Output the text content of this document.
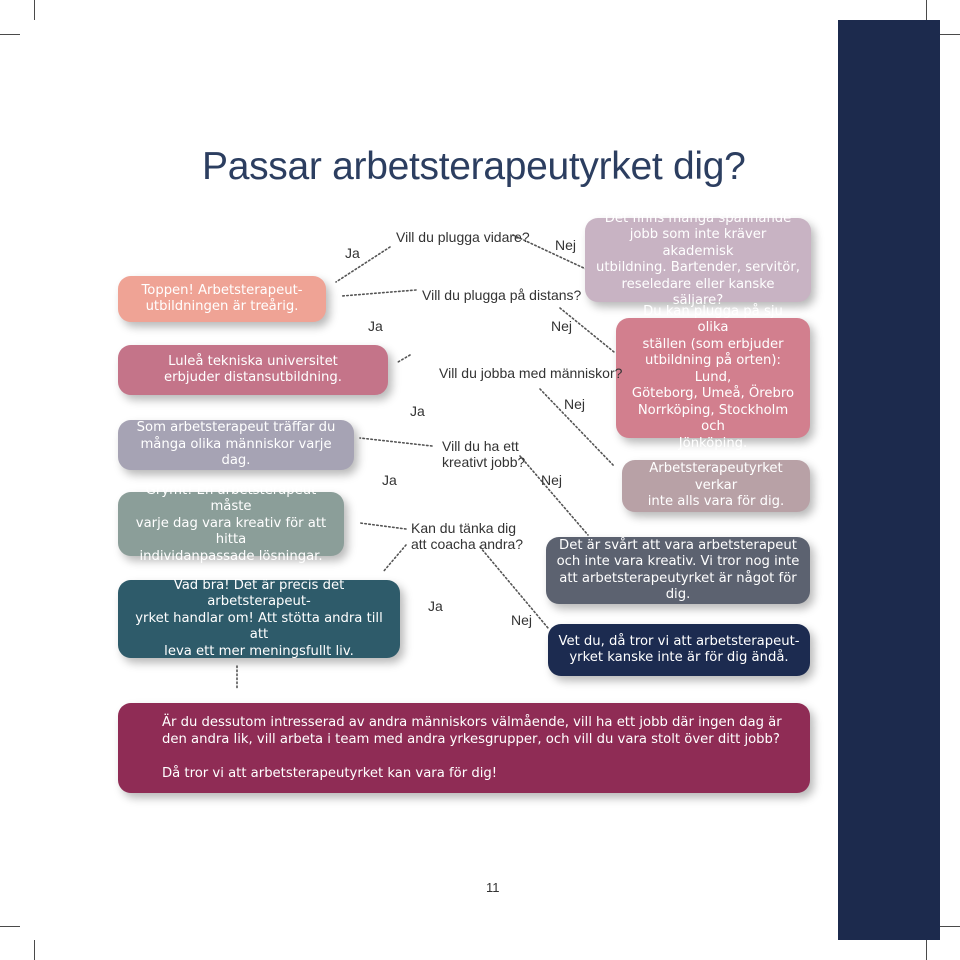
Passar arbetsterapeutyrket dig?
Toppen! Arbetsterapeut-
utbildningen är treårig.
Luleå tekniska universitet
erbjuder distansutbildning.
Som arbetsterapeut träffar du
många olika människor varje dag.
Grymt! En arbetsterapeut måste
varje dag vara kreativ för att hitta
individanpassade lösningar.
Vad bra! Det är precis det arbetsterapeut-
yrket handlar om! Att stötta andra till att
leva ett mer meningsfullt liv.
Det finns många spännande
jobb som inte kräver akademisk
utbildning. Bartender, servitör,
reseledare eller kanske säljare?
Du kan plugga på sju olika
ställen (som erbjuder
utbildning på orten): Lund,
Göteborg, Umeå, Örebro
Norrköping, Stockholm och
Jönköping.
Arbetsterapeutyrket verkar
inte alls vara för dig.
Det är svårt att vara arbetsterapeut
och inte vara kreativ. Vi tror nog inte
att arbetsterapeutyrket är något för dig.
Vet du, då tror vi att arbetsterapeut-
yrket kanske inte är för dig ändå.
Vill du plugga vidare?
Vill du plugga på distans?
Vill du jobba med människor?
Vill du ha ett
kreativt jobb?
Kan du tänka dig
att coacha andra?
Ja	Nej
Ja	Nej
Ja	Nej
Ja	Nej
Ja
Nej

Är du dessutom intresserad av andra människors välmående, vill ha ett jobb där ingen dag är den andra lik, vill arbeta i team med andra yrkesgrupper, och vill du vara stolt över ditt jobb?

Då tror vi att arbetsterapeutyrket kan vara för dig!

11
